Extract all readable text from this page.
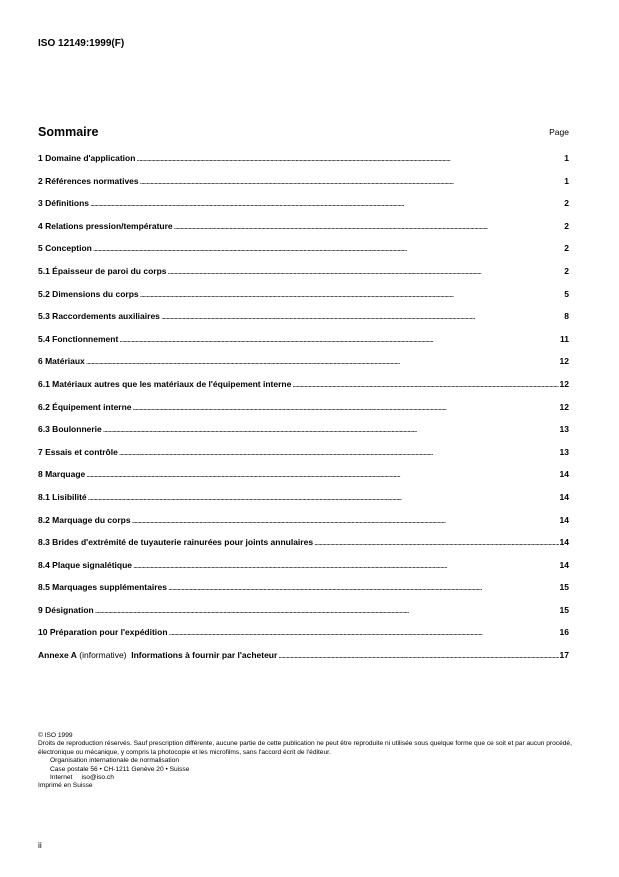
ISO 12149:1999(F)
Sommaire	Page
1 Domaine d'application . . .	1
2 Références normatives . . .	1
3 Définitions . . .	2
4 Relations pression/température . . .	2
5 Conception . . .	2
5.1 Épaisseur de paroi du corps . . .	2
5.2 Dimensions du corps . . .	5
5.3 Raccordements auxiliaires . . .	8
5.4 Fonctionnement . . .	11
6 Matériaux . . .	12
6.1 Matériaux autres que les matériaux de l'équipement interne . . .	12
6.2 Équipement interne . . .	12
6.3 Boulonnerie . . .	13
7 Essais et contrôle . . .	13
8 Marquage . . .	14
8.1 Lisibilité . . .	14
8.2 Marquage du corps . . .	14
8.3 Brides d'extrémité de tuyauterie rainurées pour joints annulaires . . .	14
8.4 Plaque signalétique . . .	14
8.5 Marquages supplémentaires . . .	15
9 Désignation . . .	15
10 Préparation pour l'expédition . . .	16
Annexe A
(informative)
Informations à fournir par l'acheteur . . .	17
© ISO 1999
Droits de reproduction réservés. Sauf prescription différente, aucune partie de cette publication ne peut être reproduite ni utilisée sous quelque forme que ce soit et par aucun procédé, électronique ou mécanique, y compris la photocopie et les microfilms, sans l'accord écrit de l'éditeur.
Organisation internationale de normalisation
Case postale 56 • CH-1211 Genève 20 • Suisse
Internet iso@iso.ch
Imprimé en Suisse
ii
